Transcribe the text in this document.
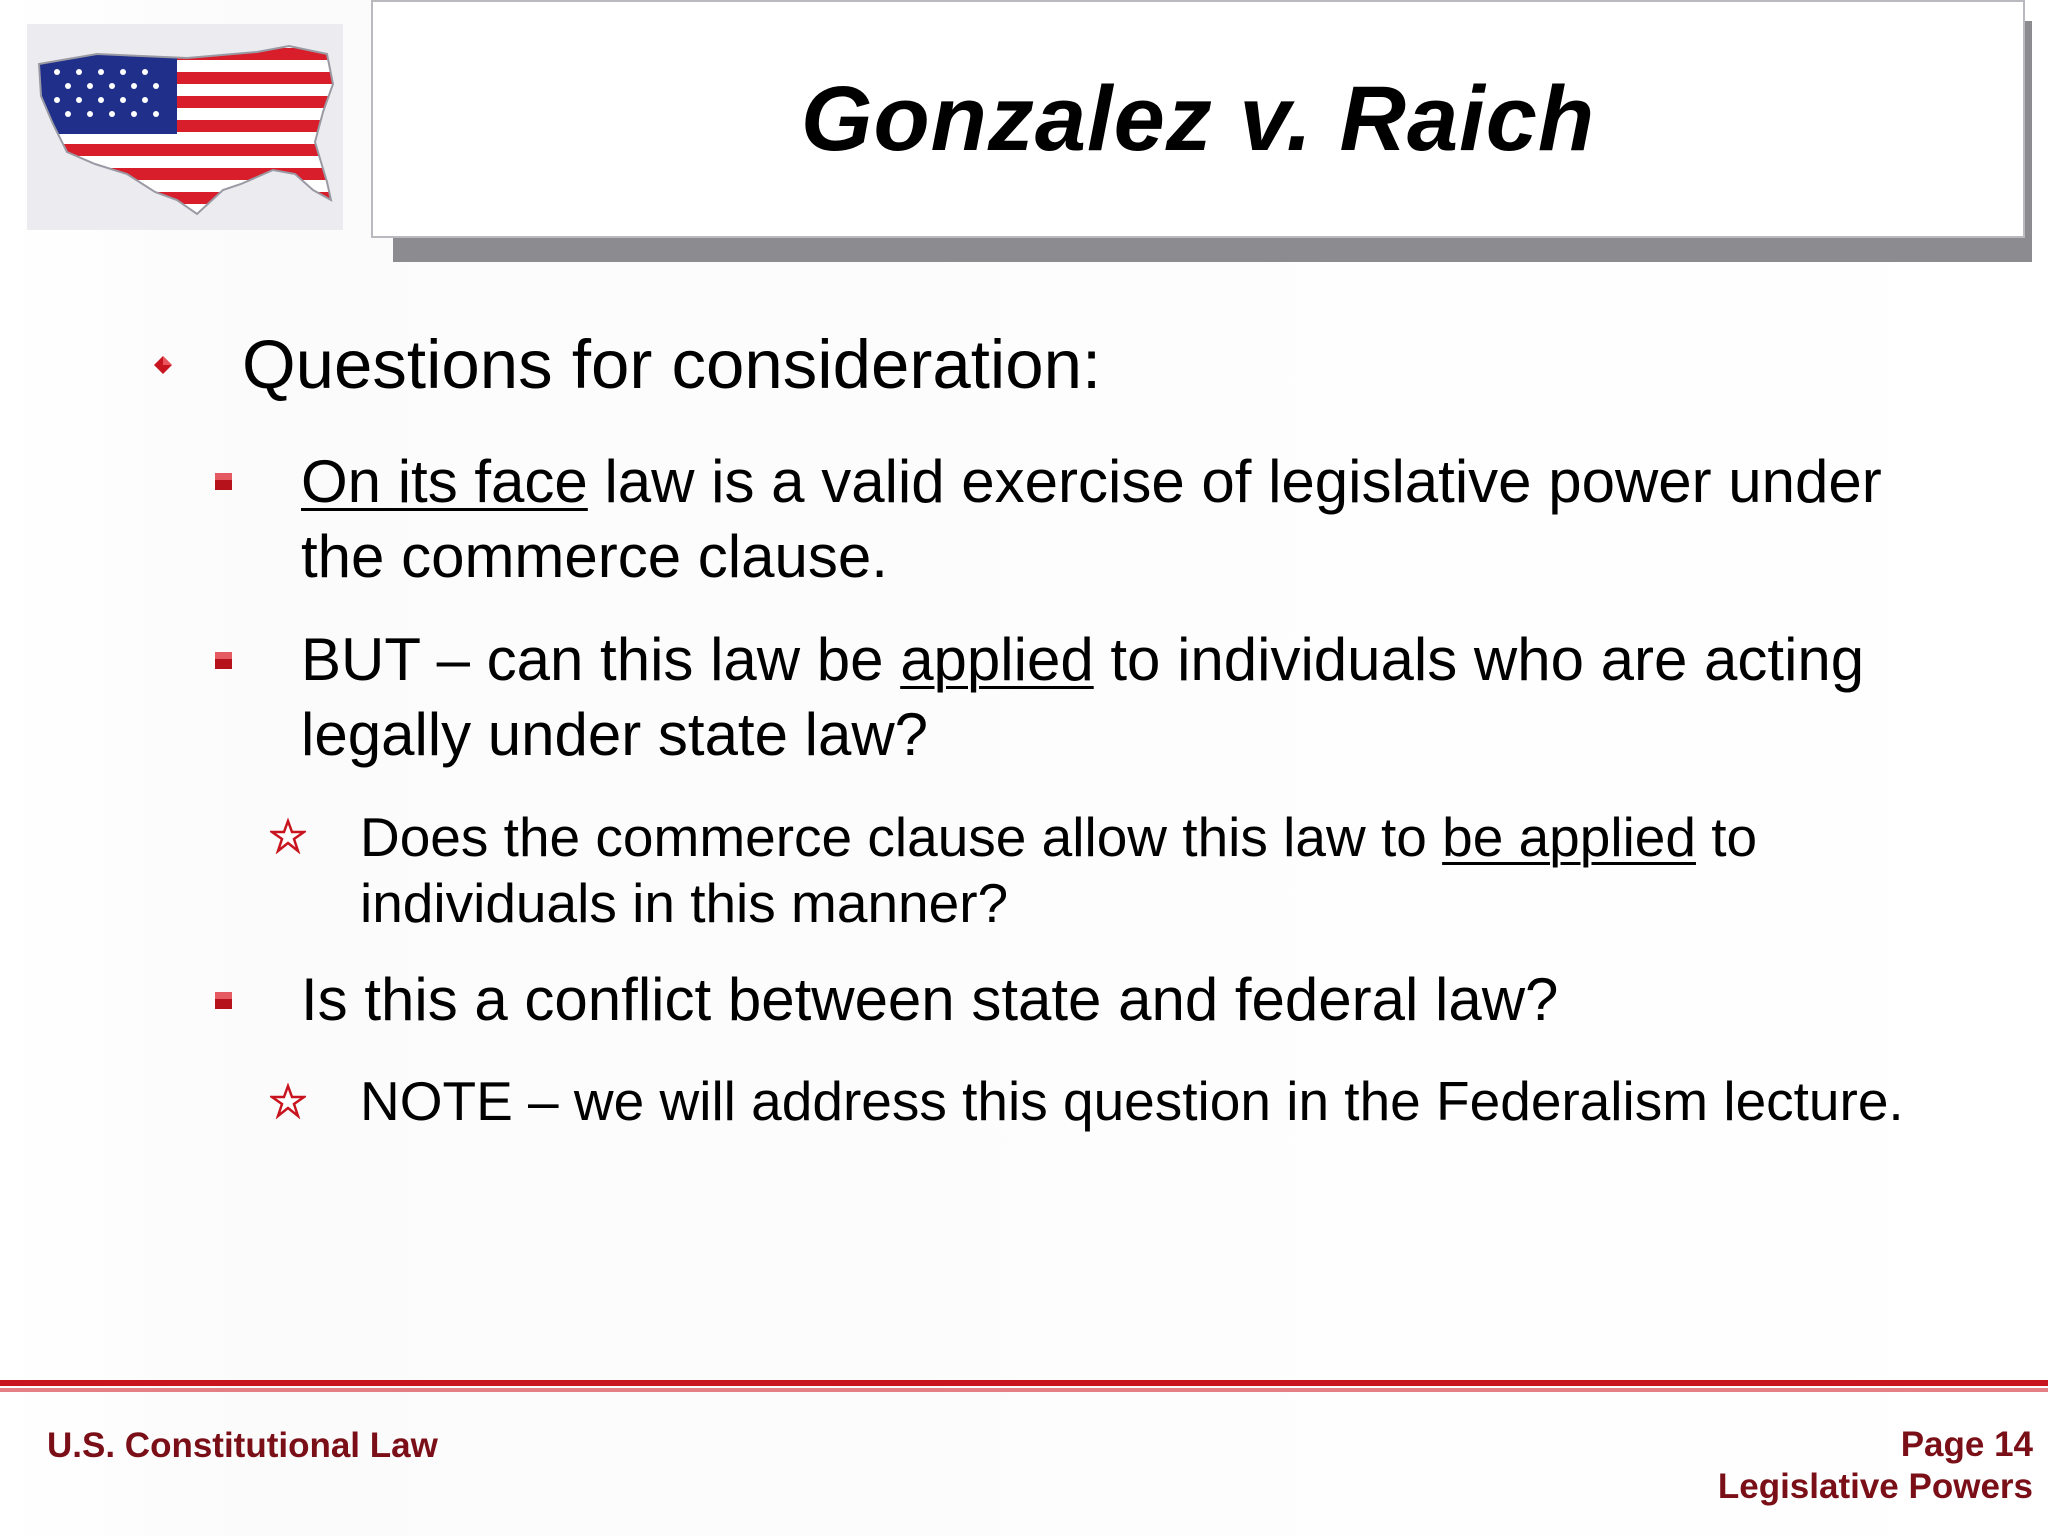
Gonzalez v. Raich
Questions for consideration:
On its face law is a valid exercise of legislative power under the commerce clause.
BUT – can this law be applied to individuals who are acting legally under state law?
Does the commerce clause allow this law to be applied to individuals in this manner?
Is this a conflict between state and federal law?
NOTE – we will address this question in the Federalism lecture.
U.S. Constitutional Law	Page 14
Legislative Powers
